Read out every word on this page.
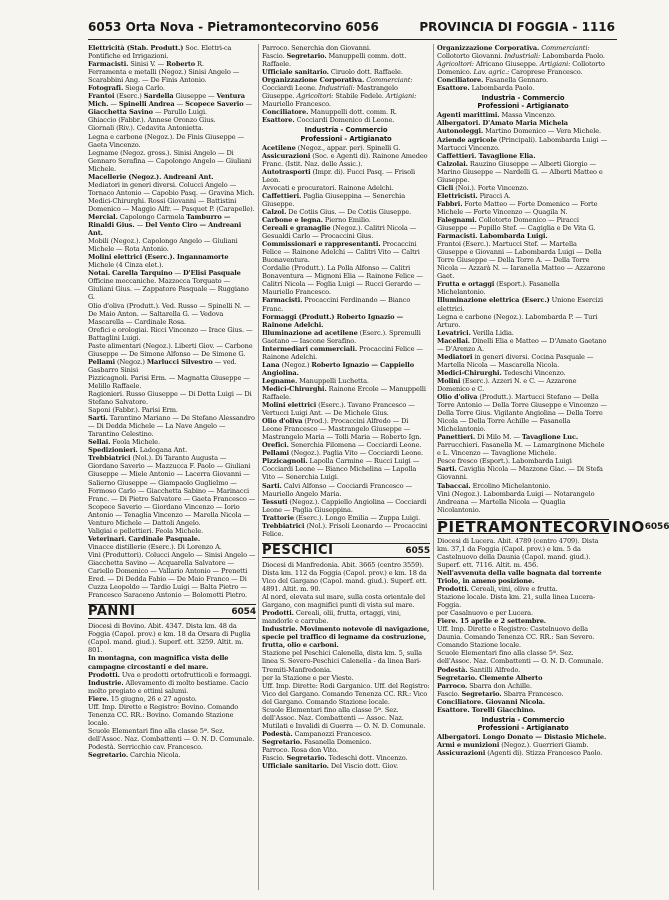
6053 Orta Nova - Pietramontecorvino 6056	PROVINCIA DI FOGGIA - 1116

Elettricità (Stab. Produtt.) Soc. Elettri-ca Pontifiche ed Irrigazioni.

Farmacisti. Sinisi V. — Roberto R.

Ferramenta e metalli (Negoz.) Sinisi Angelo — Scarabbini Ang. — De Finis Antonio.

Fotografi. Siega Carlo.

Frantoi (Eserc.) Sardella Giuseppe — Ventura Mich. — Spinelli Andrea — Scopece Saverio — Giacchetta Savino — Parullo Luigi.

Ghiaccio (Fabbr.). Annese Oronzo Gius.

Giornali (Riv.). Cedavita Antonietta.

Legna e carbone (Negoz.). De Finis Giuseppe — Gaeta Vincenzo.

Legname (Negoz. gross.). Sinisi Angelo — Di Gennaro Serafina — Capolongo Angelo — Giuliani Michele.

Macellerie (Negoz.). Andreani Ant.

Mediatori in generi diversi. Colucci Angelo — Tornaco Antonio — Capobio Pasq. — Gravina Mich.

Medici-Chirurghi. Rossi Giovanni — Battistini Domenico — Maggio Alfr. — Pasquet P. (Carapelle).

Mercial. Capolongo Carmela Tamburro — Rinaldi Gius. — Del Vento Ciro — Andreani Ant.

Mobili (Negoz.). Capolongo Angelo — Giuliani Michele — Rota Antonio.

Molini elettrici (Eserc.). Ingannamorte Michele (4 Cinza elet.).

Notai. Carella Tarquino — D'Elisi Pasquale

Officine meccaniche. Mazzocca Torquato — Giuliani Gius. — Zappatore Pasquale — Ruggiano G.

Olio d'oliva (Produtt.). Ved. Russo — Spinelli N. — De Maio Anton. — Saltarella G. — Vedova Mascarella — Cardinale Rosa.

Orefici e orologiai. Ricci Vincenzo — Irace Gius. — Battaglini Luigi.

Paste alimentari (Negoz.). Liberti Giov. — Carbone Giuseppe — De Simone Alfonso — De Simone G.

Pellami (Negoz.) Marlucci Silvestro — ved. Gasbarro Sinisi

Pizzicagnoli. Parisi Erm. — Magnatta Giuseppe — Melillo Raffaele.

Ragionieri. Russo Giuseppe — Di Detta Luigi — Di Stefano Salvatore.

Saponi (Fabbr.). Parisi Erm.

Sarti. Tarantino Mariano — De Stefano Alessandro — Di Dedda Michele — La Nave Angelo — Tarantino Celestino.

Sellai. Feola Michele.

Spedizionieri. Ladogana Ant.

Trebbiatrici (Nol.). Di Taranto Augusta — Giordano Saverio — Mazzucca F. Paolo — Giuliani Giuseppe — Miele Antonio — Lacerra Giovanni — Salierno Giuseppe — Giampaolo Guglielmo — Formoso Carlo — Giacchetta Sabino — Marinacci Franc. — Di Pietro Salvatore — Gaeta Francesco — Scopece Saverio — Giordano Vincenzo — Iorio Antonio — Tenaglia Vincenzo — Marella Nicola — Venturo Michele — Dattoli Angelo.

Valigiai e pellettieri. Feola Michele.

Veterinari. Cardinale Pasquale.

Vinacce distillerie (Eserc.). Di Lorenzo A.

Vini (Produttori). Colucci Angelo — Sinisi Angelo — Giacchetta Savino — Acquarella Salvatore — Cariello Domenico — Vallario Antonio — Prenetti Ered. — Di Dedda Fabio — De Maio Franco — Di Cuzza Leopoldo — Tardio Luigi — Balta Pietro — Francesco Saraceno Antonio — Bolomotti Pietro.

PANNI	6054

Diocesi di Bovino. Abit. 4347. Dista km. 48 da Foggia (Capol. prov.) e km. 18 da Orsara di Puglia (Capol. mand. giud.). Superf. ett. 3259. Altit. m. 801.

In montagna, con magnifica vista delle campagne circostanti e del mare.

Prodotti. Uva e prodotti ortofrutticoli e formaggi.

Industrie. Allevamento di molto bestiame. Cacio molto pregiato e ottimi salumi.

Fiere. 15 giugno, 26 e 27 agosto.

Uff. Imp. Dirette e Registro: Bovino. Comando Tenenza CC. RR.: Bovino. Comando Stazione locale.

Scuole Elementari fino alla classe 5ª. Sez. dell'Assoc. Naz. Combattenti — O. N. D. Comunale.

Podestà. Serricchio cav. Francesco.

Segretario. Carchia Nicola.

Parroco. Senerchia don Giovanni.

Fascio. Segretario. Manuppelli comm. dott. Raffaele.

Ufficiale sanitario. Ciruolo dott. Raffaele.

Organizzazione Corporativa. Commerciant: Cocciardi Leone. Industriali: Mastrangelo Giuseppe. Agricoltori: Stabile Fedele. Artigiani: Mauriello Francesco.

Conciliatore. Manuppelli dott. comm. R.

Esattore. Cocciardi Domenico di Leone.

Industria - Commercio
Professioni - Artigianato

Acetilene (Negoz., appar. per). Spinelli G.

Assicurazioni (Soc. e Agenti di). Rainone Amedeo Franc. (Istit. Naz. delle Assic.).

Autotrasporti (Impr. di). Fucci Pasq. — Frisoli Leon.

Avvocati e procuratori. Rainone Adelchi.

Caffettieri. Paglia Giuseppina — Senerchia Giuseppe.

Calzol. De Cotiis Gius. — De Cotiis Giuseppe.

Carbone e legna. Pierno Emilio.

Cereali e granaglie (Negoz.). Calitri Nicola — Gesualdi Carlo — Procaccini Gius.

Commissionari e rappresentanti. Procaccini Felice — Rainone Adelchi — Calitri Vito — Caltri Buonaventura.

Cordalie (Produtt.). La Polla Alfonso — Calitri Bonaventura — Mignoni Elia — Rainone Felice — Calitri Nicola — Foglia Luigi — Rucci Gerardo — Mauriello Francesco.

Farmacisti. Procaccini Ferdinando — Bianco Franc.

Formaggi (Produtt.) Roberto Ignazio — Rainone Adelchi.

Illuminazione ad acetilene (Eserc.). Spremulli Gaetano — Iascone Serafino.

Intermediari commerciali. Procaccini Felice — Rainone Adelchi.

Lana (Negoz.) Roberto Ignazio — Cappiello Angiolina.

Legname. Manuppelli Luchetta.

Medici-Chirurghi. Rainone Ercole — Manuppelli Raffaele.

Molini elettrici (Eserc.). Tavano Francesco — Vertucci Luigi Ant. — De Michele Gius.

Olio d'oliva (Prod.). Procaccini Alfredo — Di Leone Francesco — Mastrangelo Giuseppe — Mastrangelo Maria — Tolli Maria — Roberto Ign.

Orefici. Senerchia Filomena — Cocciardi Leone.

Pellami (Negoz.). Paglia Vito — Cocciardi Leone.

Pizzicagnoli. Lapolla Carmine — Rucci Luigi — Cocciardi Leone — Bianco Michelina — Lapolla Vito — Senerchia Luigi.

Sarti. Calvi Alfonso — Cocciardi Francesco — Mauriello Angelo Maria.

Tessuti (Negoz.). Cappiello Angiolina — Cocciardi Leone — Paglia Giuseppina.

Trattorie (Eserc.). Longo Emilia — Zuppa Luigi.

Trebbiatrici (Nol.). Frisoli Leonardo — Procaccini Felice.

PESCHICI	6055

Diocesi di Manfredonia. Abit. 3665 (centro 3559). Dista km. 112 da Foggia (Capol. prov.) e km. 18 da Vico del Gargano (Capol. mand. giud.). Superf. ett. 4891. Altit. m. 90.

Al nord, elevata sul mare, sulla costa orientale del Gargano, con magnifici punti di vista sul mare.

Prodotti. Cereali, olii, frutta, ortaggi, vini, mandorle e carrube.

Industrie. Movimento notevole di navigazione, specie pel traffico di legname da costruzione, frutta, olio e carboni.

Stazione pel Peschici Calenella, dista km. 5, sulla linea S. Severo-Peschici Calenella - da linea Bari-Tremiti-Manfredonia.

per la Stazione e per Vieste.

Uff. Imp. Dirette: Rodi Garganico. Uff. del Registro: Vico del Gargano. Comando Tenenza CC. RR.: Vico del Gargano. Comando Stazione locale.

Scuole Elementari fino alla classe 5ª. Sez. dell'Assoc. Naz. Combattenti — Assoc. Naz. Mutilati e Invalidi di Guerra — O. N. D. Comunale.

Podestà. Campanozzi Francesco.

Segretario. Fasanella Domenico.

Parroco. Rosa don Vito.

Fascio. Segretario. Tedeschi dott. Vincenzo.

Ufficiale sanitario. Del Viscio dott. Giov.

Organizzazione Corporativa. Commercianti: Collotorto Giovanni. Industriali: Labombarda Paolo. Agricoltori: Africano Giuseppe. Artigiani: Collotorto Domenico. Lav. agric.: Caroprese Francesco.

Conciliatore. Fasanella Gennaro.

Esattore. Labombarda Paolo.

Industria - Commercio
Professioni - Artigianato

Agenti marittimi. Massa Vincenzo.

Albergatori. D'Amato Maria Michela

Autonoleggi. Martino Domenico — Vera Michele.

Aziende agricole (Principali). Labombarda Luigi — Martucci Vincenzo.

Caffettieri. Tavaglione Elia.

Calzolai. Rauzino Giuseppe — Alberti Giorgio — Marino Giuseppe — Nardelli G. — Alberti Matteo e Giuseppe.

Cicli (Noi.). Forte Vincenzo.

Elettricisti. Piracci A.

Fabbri. Forte Matteo — Forte Domenico — Forte Michele — Forte Vincenzo — Quagila N.

Falegnami. Collotorto Domenico — Piracci Giuseppe — Pupillo Stef. — Cagiglia e De Vita G.

Farmacisti. Labombarda Luigi.

Frantoi (Eserc.). Martucci Stef. — Martella Giuseppe e Giovanni — Labombarda Luigi — Della Torre Giuseppe — Della Torre A. — Della Torre Nicola — Azzarà N. — Iaranella Matteo — Azzarone Gaet.

Frutta e ortaggi (Esport.). Fasanella Michelantonio.

Illuminazione elettrica (Eserc.) Unione Esercizi elettrici.

Legna e carbone (Negoz.). Labombarda P. — Turi Arturo.

Levatrici. Verilla Lidia.

Macellai. Dinelli Elia e Matteo — D'Amato Gaetano — D'Arenzo A.

Mediatori in generi diversi. Cocina Pasquale — Martella Nicola — Mascarella Nicola.

Medici-Chirurghi. Tedeschi Vincenzo.

Molini (Eserc.). Azzeri N. e C. — Azzarone Domenico e C.

Olio d'oliva (Produtt.). Martucci Stefano — Della Torre Antonio — Della Torre Giuseppe e Vincenzo — Della Torre Gius. Vigilante Angiolina — Della Torre Nicola — Della Torre Achille — Fasanella Michelantonio.

Panettieri. Di Milo M. — Tavaglione Luc.

Parrucchieri. Fasanella M. — Lamarginone Michele e L. Vincenzo — Tavaglione Michele.

Pesce fresco (Esport.). Labombarda Luigi

Sarti. Caviglia Nicola — Mazzone Giac. — Di Stefa Giovanni.

Tabaccai. Ercolino Michelantonio.

Vini (Negoz.). Labombarda Luigi — Notarangelo Andreana — Martella Nicola — Quaglia Nicolantonio.

PIETRAMONTECORVINO 6056

Diocesi di Lucera. Abit. 4789 (centro 4709). Dista km. 37,1 da Foggia (Capol. prov.) e km. 5 da Castelnuovo della Daunia (Capol. mand. giud.). Superf. ett. 7116. Altit. m. 456.

Nell'avvenuta della valle bagnata dal torrente Triolo, in ameno posizione.

Prodotti. Cereali, vini, olive e frutta.

Stazione locale. Dista km. 21, sulla linea Lucera-Foggia.

per Casalnuovo e per Lucera.

Fiere. 15 aprile e 2 settembre.

Uff. Imp. Dirette e Registro: Castelnuovo della Daunia. Comando Tenenza CC. RR.: San Severo. Comando Stazione locale.

Scuole Elementari fino alla classe 5ª. Sez. dell'Assoc. Naz. Combattenti — O. N. D. Comunale.

Podestà. Santilli Alfredo.

Segretario. Clemente Alberto

Parroco. Sbarra don Achille.

Fascio. Segretario. Sbarra Francesco.

Conciliatore. Giovanni Nicola.

Esattore. Torelli Giacchino.

Industria - Commercio
Professioni - Artigianato

Albergatori. Longo Donato — Distasio Michele.

Armi e munizioni (Negoz.). Guerrieri Giamb.

Assicurazioni (Agenti di). Stizza Francesco Paolo.
